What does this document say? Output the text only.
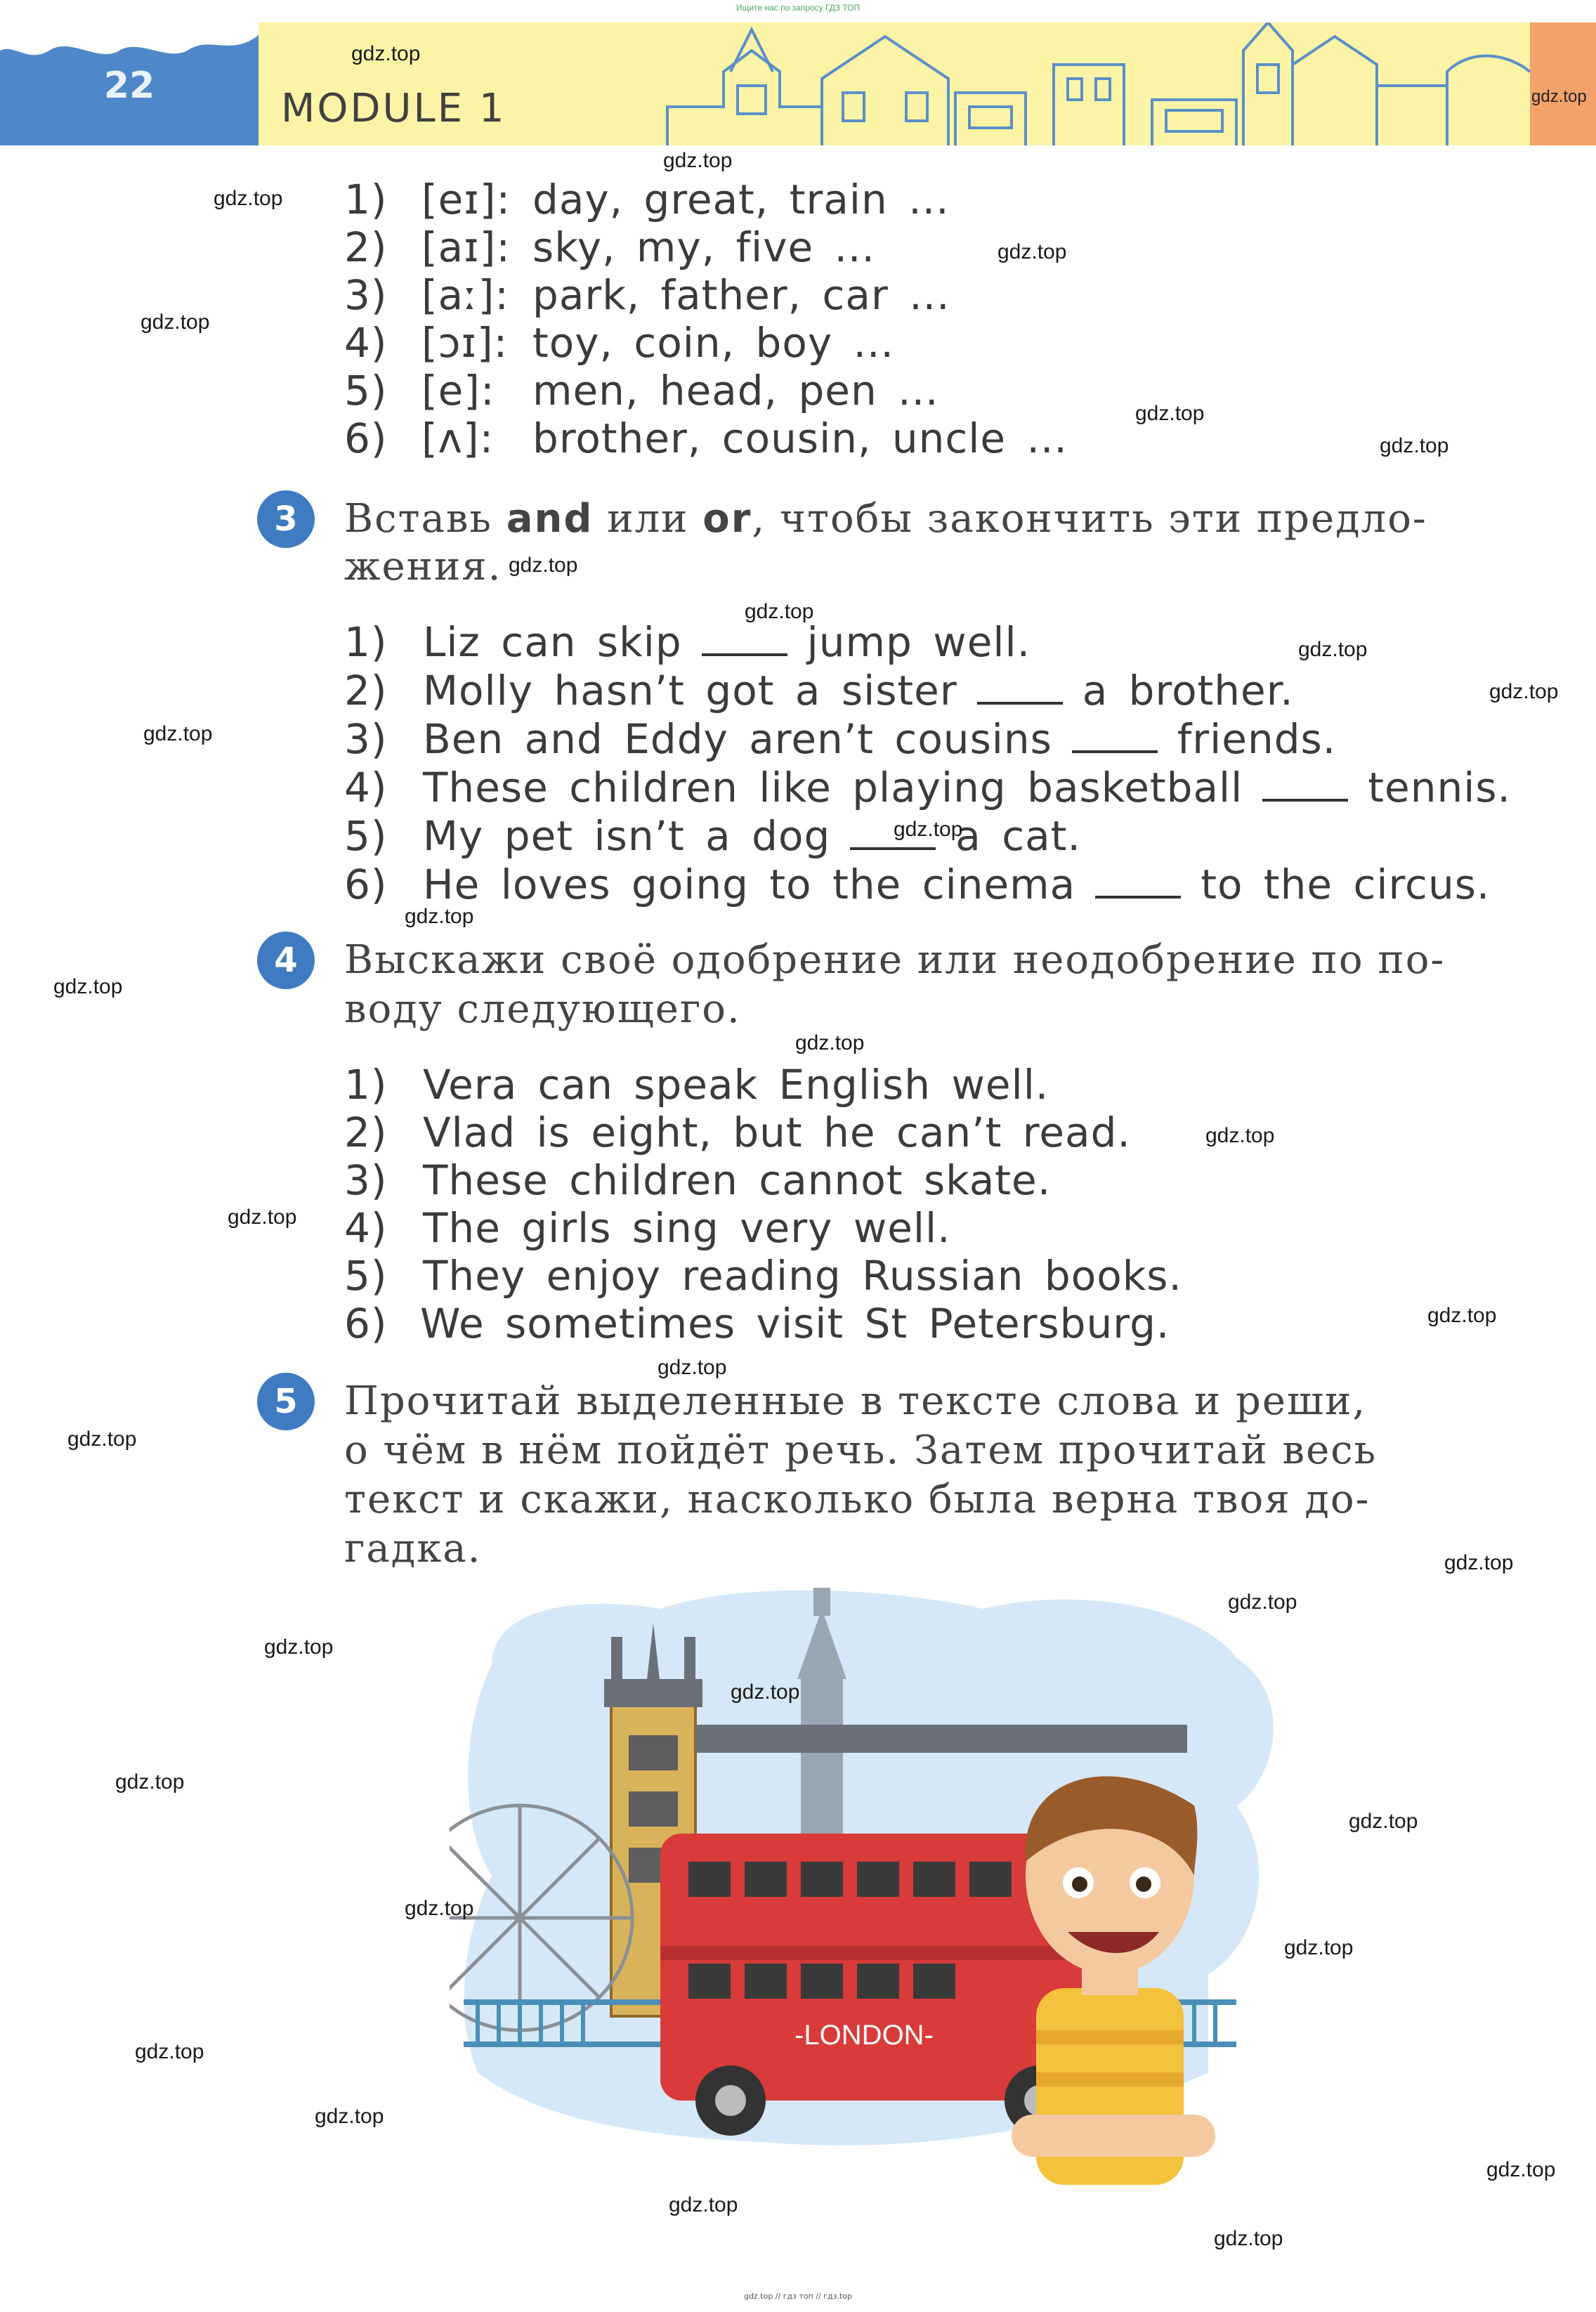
Ищите нас по запросу ГДЗ ТОП
22	MODULE 1	gdz.top
1) [eɪ]: day, great, train ...
2) [aɪ]: sky, my, five ...
3) [aː]: park, father, car ...
4) [ɔɪ]: toy, coin, boy ...
5) [e]: men, head, pen ...
6) [ʌ]: brother, cousin, uncle ...
3	Вставь and или or, чтобы закончить эти предло-
жения.
1) Liz can skip	jump well.
2) Molly hasn’t got a sister	a brother.
3) Ben and Eddy aren’t cousins	friends.
4) These children like playing basketball	tennis.
5) My pet isn’t a dog	a cat.
6) He loves going to the cinema	to the circus.
4	Выскажи своё одобрение или неодобрение по по-
воду следующего.
1) Vera can speak English well.
2) Vlad is eight, but he can’t read.
3) These children cannot skate.
4) The girls sing very well.
5) They enjoy reading Russian books.
6) We sometimes visit St Petersburg.
5	Прочитай выделенные в тексте слова и реши,
о чём в нём пойдёт речь. Затем прочитай весь
текст и скажи, насколько была верна твоя до-
гадка.
-LONDON-
gdz.top
gdz.top
gdz.top
gdz.top
gdz.top
gdz.top
gdz.top
gdz.top
gdz.top
gdz.top
gdz.top
gdz.top
gdz.top
gdz.top
gdz.top
gdz.top
gdz.top
gdz.top
gdz.top
gdz.top
gdz.top
gdz.top
gdz.top
gdz.top
gdz.top
gdz.top
gdz.top
gdz.top
gdz.top
gdz.top
gdz.top
gdz.top
gdz.top
gdz.top
gdz.top // гдз топ // гдз.top
